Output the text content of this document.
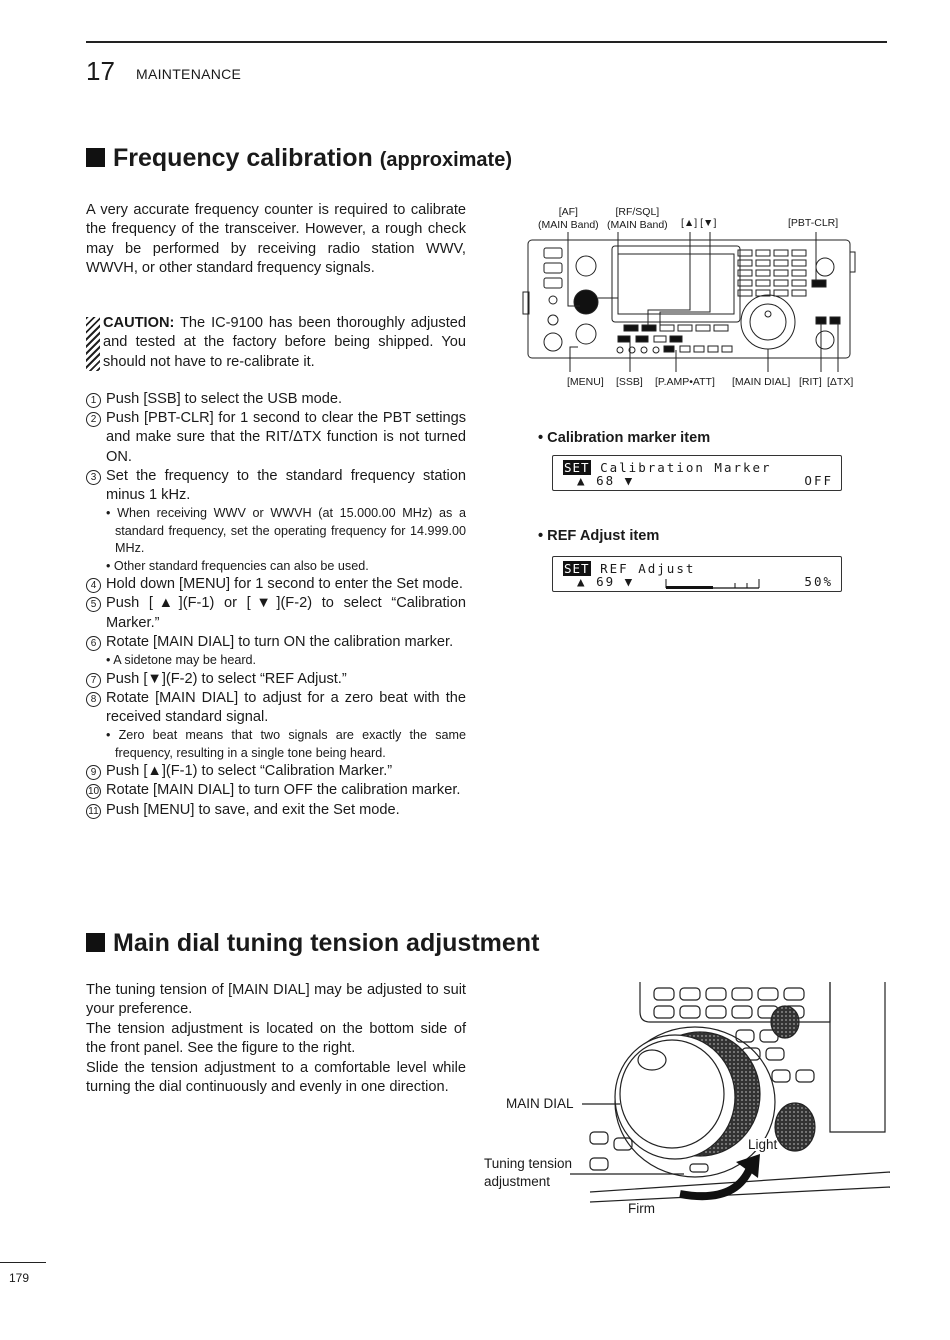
17 MAINTENANCE
Frequency calibration (approximate)

A very accurate frequency counter is required to calibrate the frequency of the transceiver. However, a rough check may be performed by receiving radio station WWV, WWVH, or other standard frequency signals.

CAUTION: The IC-9100 has been thoroughly adjusted and tested at the factory before being shipped. You should not have to re-calibrate it.
1 Push [SSB] to select the USB mode.
2 Push [PBT-CLR] for 1 second to clear the PBT settings and make sure that the RIT/ΔTX function is not turned ON.
3 Set the frequency to the standard frequency station minus 1 kHz.
• When receiving WWV or WWVH (at 15.000.00 MHz) as a standard frequency, set the operating frequency for 14.999.00 MHz.
• Other standard frequencies can also be used.
4 Hold down [MENU] for 1 second to enter the Set mode.
5 Push [▲](F-1) or [▼](F-2) to select “Calibration Marker.”
6 Rotate [MAIN DIAL] to turn ON the calibration marker.
• A sidetone may be heard.
7 Push [▼](F-2) to select “REF Adjust.”
8 Rotate [MAIN DIAL] to adjust for a zero beat with the received standard signal.
• Zero beat means that two signals are exactly the same frequency, resulting in a single tone being heard.
9 Push [▲](F-1) to select “Calibration Marker.”
10 Rotate [MAIN DIAL] to turn OFF the calibration marker.
11 Push [MENU] to save, and exit the Set mode.
[AF]
(MAIN Band)
[RF/SQL]
(MAIN Band) [▲] [▼]	[PBT-CLR]
[MENU] [SSB] [P.AMP•ATT] [MAIN DIAL] [RIT] [ΔTX]
• Calibration marker item
SET Calibration Marker
▲ 68 ▼	OFF
• REF Adjust item
SET REF Adjust
▲ 69 ▼	50%
Main dial tuning tension adjustment

The tuning tension of [MAIN DIAL] may be adjusted to suit your preference.

The tension adjustment is located on the bottom side of the front panel. See the figure to the right.

Slide the tension adjustment to a comfortable level while turning the dial continuously and evenly in one direction.

MAIN DIAL
Tuning tension
adjustment
Light
Firm
179
